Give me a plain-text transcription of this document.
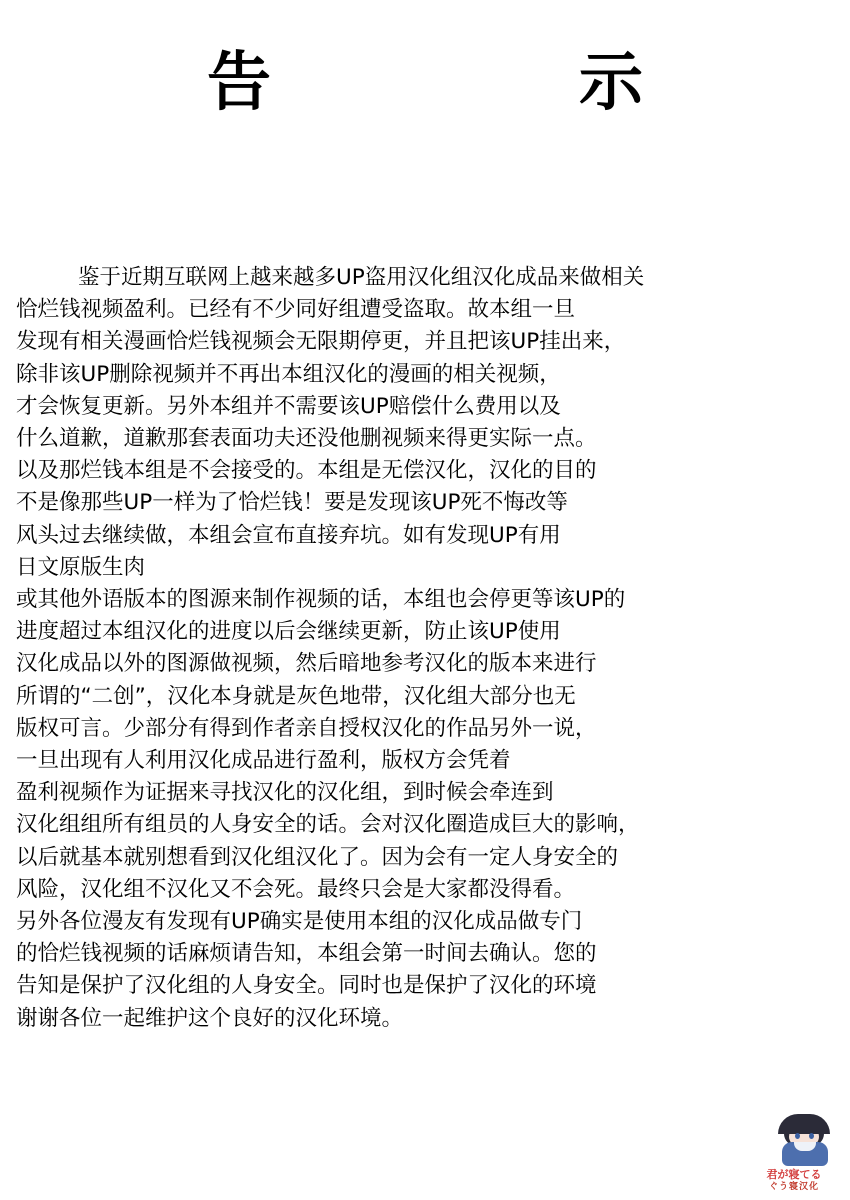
告　　示
鉴于近期互联网上越来越多UP盗用汉化组汉化成品来做相关
恰烂钱视频盈利。已经有不少同好组遭受盗取。故本组一旦
发现有相关漫画恰烂钱视频会无限期停更，并且把该UP挂出来，
除非该UP删除视频并不再出本组汉化的漫画的相关视频，
才会恢复更新。另外本组并不需要该UP赔偿什么费用以及
什么道歉，道歉那套表面功夫还没他删视频来得更实际一点。
以及那烂钱本组是不会接受的。本组是无偿汉化，汉化的目的
不是像那些UP一样为了恰烂钱！要是发现该UP死不悔改等
风头过去继续做，本组会宣布直接弃坑。如有发现UP有用
日文原版生肉
或其他外语版本的图源来制作视频的话，本组也会停更等该UP的
进度超过本组汉化的进度以后会继续更新，防止该UP使用
汉化成品以外的图源做视频，然后暗地参考汉化的版本来进行
所谓的“二创”，汉化本身就是灰色地带，汉化组大部分也无
版权可言。少部分有得到作者亲自授权汉化的作品另外一说，
一旦出现有人利用汉化成品进行盈利，版权方会凭着
盈利视频作为证据来寻找汉化的汉化组，到时候会牵连到
汉化组组所有组员的人身安全的话。会对汉化圈造成巨大的影响，
以后就基本就别想看到汉化组汉化了。因为会有一定人身安全的
风险，汉化组不汉化又不会死。最终只会是大家都没得看。
另外各位漫友有发现有UP确实是使用本组的汉化成品做专门
的恰烂钱视频的话麻烦请告知，本组会第一时间去确认。您的
告知是保护了汉化组的人身安全。同时也是保护了汉化的环境
谢谢各位一起维护这个良好的汉化环境。
君が寝てる
ぐう寝汉化
